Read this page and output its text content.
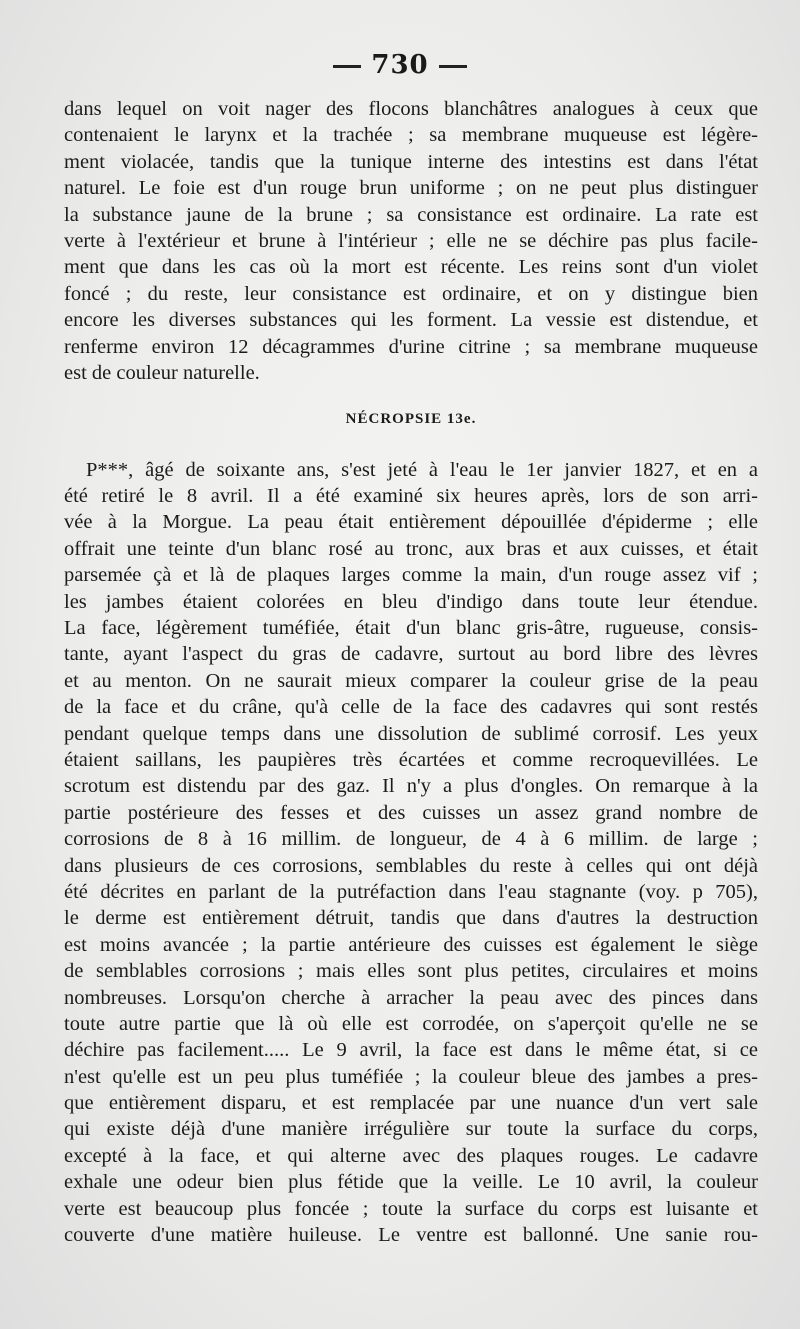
730
dans lequel on voit nager des flocons blanchâtres analogues à ceux que
contenaient le larynx et la trachée ; sa membrane muqueuse est légère-
ment violacée, tandis que la tunique interne des intestins est dans l'état
naturel. Le foie est d'un rouge brun uniforme ; on ne peut plus distinguer
la substance jaune de la brune ; sa consistance est ordinaire. La rate est
verte à l'extérieur et brune à l'intérieur ; elle ne se déchire pas plus facile-
ment que dans les cas où la mort est récente. Les reins sont d'un violet
foncé ; du reste, leur consistance est ordinaire, et on y distingue bien
encore les diverses substances qui les forment. La vessie est distendue, et
renferme environ 12 décagrammes d'urine citrine ; sa membrane muqueuse
est de couleur naturelle.
NÉCROPSIE 13e.
P***, âgé de soixante ans, s'est jeté à l'eau le 1er janvier 1827, et en a
été retiré le 8 avril. Il a été examiné six heures après, lors de son arri-
vée à la Morgue. La peau était entièrement dépouillée d'épiderme ; elle
offrait une teinte d'un blanc rosé au tronc, aux bras et aux cuisses, et était
parsemée çà et là de plaques larges comme la main, d'un rouge assez vif ;
les jambes étaient colorées en bleu d'indigo dans toute leur étendue.
La face, légèrement tuméfiée, était d'un blanc gris-âtre, rugueuse, consis-
tante, ayant l'aspect du gras de cadavre, surtout au bord libre des lèvres
et au menton. On ne saurait mieux comparer la couleur grise de la peau
de la face et du crâne, qu'à celle de la face des cadavres qui sont restés
pendant quelque temps dans une dissolution de sublimé corrosif. Les yeux
étaient saillans, les paupières très écartées et comme recroquevillées. Le
scrotum est distendu par des gaz. Il n'y a plus d'ongles. On remarque à la
partie postérieure des fesses et des cuisses un assez grand nombre de
corrosions de 8 à 16 millim. de longueur, de 4 à 6 millim. de large ;
dans plusieurs de ces corrosions, semblables du reste à celles qui ont déjà
été décrites en parlant de la putréfaction dans l'eau stagnante (voy. p 705),
le derme est entièrement détruit, tandis que dans d'autres la destruction
est moins avancée ; la partie antérieure des cuisses est également le siège
de semblables corrosions ; mais elles sont plus petites, circulaires et moins
nombreuses. Lorsqu'on cherche à arracher la peau avec des pinces dans
toute autre partie que là où elle est corrodée, on s'aperçoit qu'elle ne se
déchire pas facilement..... Le 9 avril, la face est dans le même état, si ce
n'est qu'elle est un peu plus tuméfiée ; la couleur bleue des jambes a pres-
que entièrement disparu, et est remplacée par une nuance d'un vert sale
qui existe déjà d'une manière irrégulière sur toute la surface du corps,
excepté à la face, et qui alterne avec des plaques rouges. Le cadavre
exhale une odeur bien plus fétide que la veille. Le 10 avril, la couleur
verte est beaucoup plus foncée ; toute la surface du corps est luisante et
couverte d'une matière huileuse. Le ventre est ballonné. Une sanie rou-
